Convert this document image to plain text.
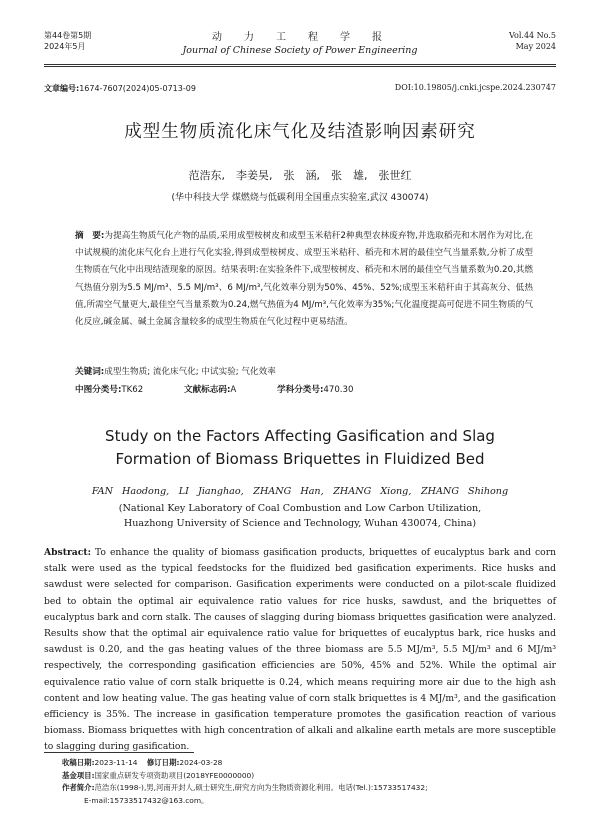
第44卷第5期
2024年5月
动　力　工　程　学　报
Journal of Chinese Society of Power Engineering
Vol.44 No.5
May 2024
文章编号:1674-7607(2024)05-0713-09	DOI:10.19805/j.cnki.jcspe.2024.230747
成型生物质流化床气化及结渣影响因素研究
范浩东,　李姜昊,　张　涵,　张　雄,　张世红
(华中科技大学 煤燃烧与低碳利用全国重点实验室,武汉 430074)
摘　要:为提高生物质气化产物的品质,采用成型桉树皮和成型玉米秸秆2种典型农林废弃物,并选取稻壳和木屑作为对比,在中试规模的流化床气化台上进行气化实验,得到成型桉树皮、成型玉米秸秆、稻壳和木屑的最佳空气当量系数,分析了成型生物质在气化中出现结渣现象的原因。结果表明:在实验条件下,成型桉树皮、稻壳和木屑的最佳空气当量系数为0.20,其燃气热值分别为5.5 MJ/m³、5.5 MJ/m³、6 MJ/m³,气化效率分别为50%、45%、52%;成型玉米秸秆由于其高灰分、低热值,所需空气量更大,最佳空气当量系数为0.24,燃气热值为4 MJ/m³,气化效率为35%;气化温度提高可促进不同生物质的气化反应,碱金属、碱土金属含量较多的成型生物质在气化过程中更易结渣。
关键词:成型生物质; 流化床气化; 中试实验; 气化效率
中图分类号:TK62	文献标志码:A	学科分类号:470.30
Study on the Factors Affecting Gasification and Slag
Formation of Biomass Briquettes in Fluidized Bed
FAN Haodong,　LI Jianghao,　ZHANG Han,　ZHANG Xiong,　ZHANG Shihong
(National Key Laboratory of Coal Combustion and Low Carbon Utilization,
Huazhong University of Science and Technology, Wuhan 430074, China)
Abstract: To enhance the quality of biomass gasification products, briquettes of eucalyptus bark and corn stalk were used as the typical feedstocks for the fluidized bed gasification experiments. Rice husks and sawdust were selected for comparison. Gasification experiments were conducted on a pilot-scale fluidized bed to obtain the optimal air equivalence ratio values for rice husks, sawdust, and the briquettes of eucalyptus bark and corn stalk. The causes of slagging during biomass briquettes gasification were analyzed. Results show that the optimal air equivalence ratio value for briquettes of eucalyptus bark, rice husks and sawdust is 0.20, and the gas heating values of the three biomass are 5.5 MJ/m³, 5.5 MJ/m³ and 6 MJ/m³ respectively, the corresponding gasification efficiencies are 50%, 45% and 52%. While the optimal air equivalence ratio value of corn stalk briquette is 0.24, which means requiring more air due to the high ash content and low heating value. The gas heating value of corn stalk briquettes is 4 MJ/m³, and the gasification efficiency is 35%. The increase in gasification temperature promotes the gasification reaction of various biomass. Biomass briquettes with high concentration of alkali and alkaline earth metals are more susceptible to slagging during gasification.
收稿日期:2023-11-14 修订日期:2024-03-28
基金项目:国家重点研发专项资助项目(2018YFE0000000)
作者简介:范浩东(1998-),男,河南开封人,硕士研究生,研究方向为生物质资源化利用。电话(Tel.):15733517432;
E-mail:15733517432@163.com。
